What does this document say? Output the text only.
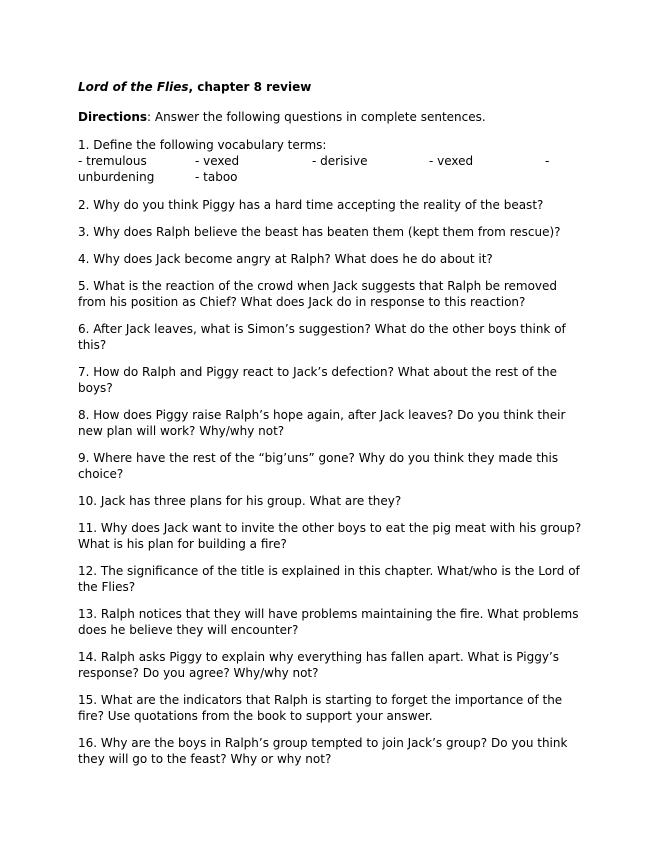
Lord of the Flies, chapter 8 review

Directions: Answer the following questions in complete sentences.

1. Define the following vocabulary terms:
- tremulous	- vexed	- derisive	- vexed	-
unburdening	- taboo

2. Why do you think Piggy has a hard time accepting the reality of the beast?

3. Why does Ralph believe the beast has beaten them (kept them from rescue)?

4. Why does Jack become angry at Ralph? What does he do about it?

5. What is the reaction of the crowd when Jack suggests that Ralph be removed from his position as Chief? What does Jack do in response to this reaction?

6. After Jack leaves, what is Simon’s suggestion? What do the other boys think of this?

7. How do Ralph and Piggy react to Jack’s defection? What about the rest of the boys?

8. How does Piggy raise Ralph’s hope again, after Jack leaves? Do you think their new plan will work? Why/why not?

9. Where have the rest of the “big’uns” gone? Why do you think they made this choice?

10. Jack has three plans for his group. What are they?

11. Why does Jack want to invite the other boys to eat the pig meat with his group? What is his plan for building a fire?

12. The significance of the title is explained in this chapter. What/who is the Lord of the Flies?

13. Ralph notices that they will have problems maintaining the fire. What problems does he believe they will encounter?

14. Ralph asks Piggy to explain why everything has fallen apart. What is Piggy’s response? Do you agree? Why/why not?

15. What are the indicators that Ralph is starting to forget the importance of the fire? Use quotations from the book to support your answer.

16. Why are the boys in Ralph’s group tempted to join Jack’s group? Do you think they will go to the feast? Why or why not?
